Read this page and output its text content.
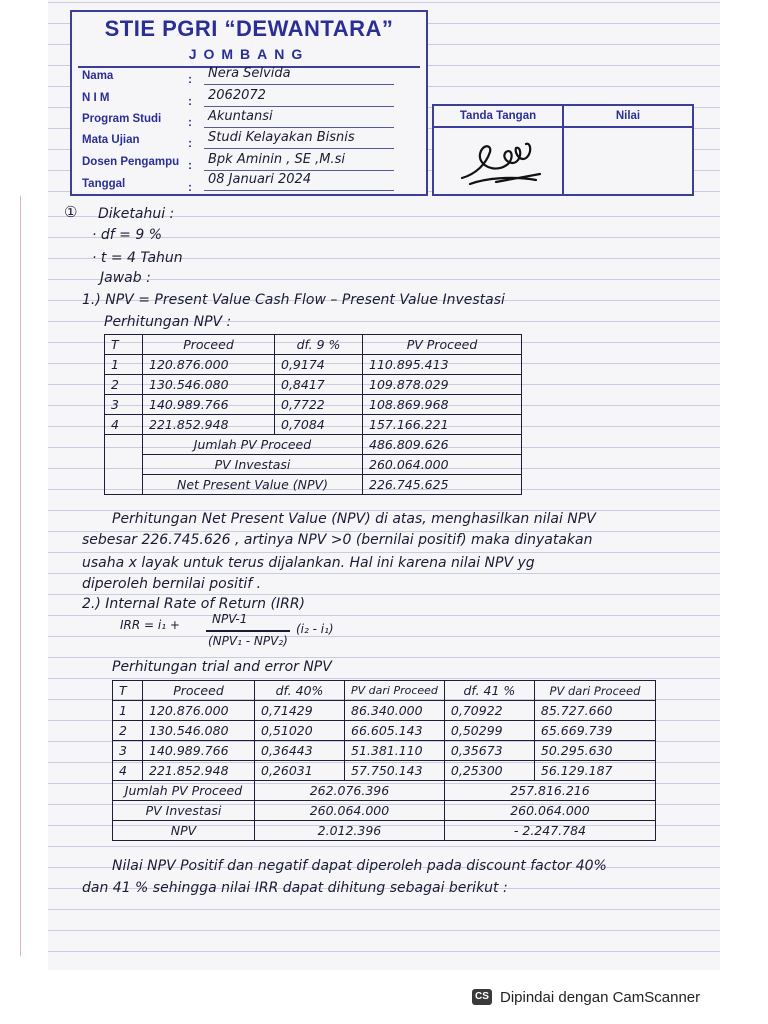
STIE PGRI “DEWANTARA”
JOMBANG
Nama	: Nera Selvida
N I M	: 2062072
Program Studi : Akuntansi
Mata Ujian	: Studi Kelayakan Bisnis
Dosen Pengampu : Bpk Aminin , SE ,M.si
Tanggal	: 08 Januari 2024
Tanda Tangan	Nilai
① Diketahui :
· df = 9 %
· t = 4 Tahun
Jawab :
1.) NPV = Present Value Cash Flow – Present Value Investasi
Perhitungan NPV :
T	Proceed	df. 9 %	PV Proceed
1	120.876.000	0,9174	110.895.413
2	130.546.080	0,8417	109.878.029
3	140.989.766	0,7722	108.869.968
4	221.852.948	0,7084	157.166.221
	Jumlah PV Proceed		486.809.626
	PV Investasi		260.064.000
	Net Present Value (NPV)		226.745.625
Perhitungan Net Present Value (NPV) di atas, menghasilkan nilai NPV
sebesar 226.745.626 , artinya NPV >0 (bernilai positif) maka dinyatakan
usaha x layak untuk terus dijalankan. Hal ini karena nilai NPV yg
diperoleh bernilai positif .
2.) Internal Rate of Return (IRR)
IRR = i₁ +	NPV-1
(NPV₁ - NPV₂)
(i₂ - i₁)
Perhitungan trial and error NPV
T	Proceed	df. 40%	PV dari Proceed	df. 41 %	PV dari Proceed
1	120.876.000	0,71429	86.340.000	0,70922	85.727.660
2	130.546.080	0,51020	66.605.143	0,50299	65.669.739
3	140.989.766	0,36443	51.381.110	0,35673	50.295.630
4	221.852.948	0,26031	57.750.143	0,25300	56.129.187
Jumlah PV Proceed		262.076.396		257.816.216	
PV Investasi		260.064.000		260.064.000	
NPV		2.012.396		- 2.247.784	
Nilai NPV Positif dan negatif dapat diperoleh pada discount factor 40%
dan 41 % sehingga nilai IRR dapat dihitung sebagai berikut :
CS Dipindai dengan CamScanner
